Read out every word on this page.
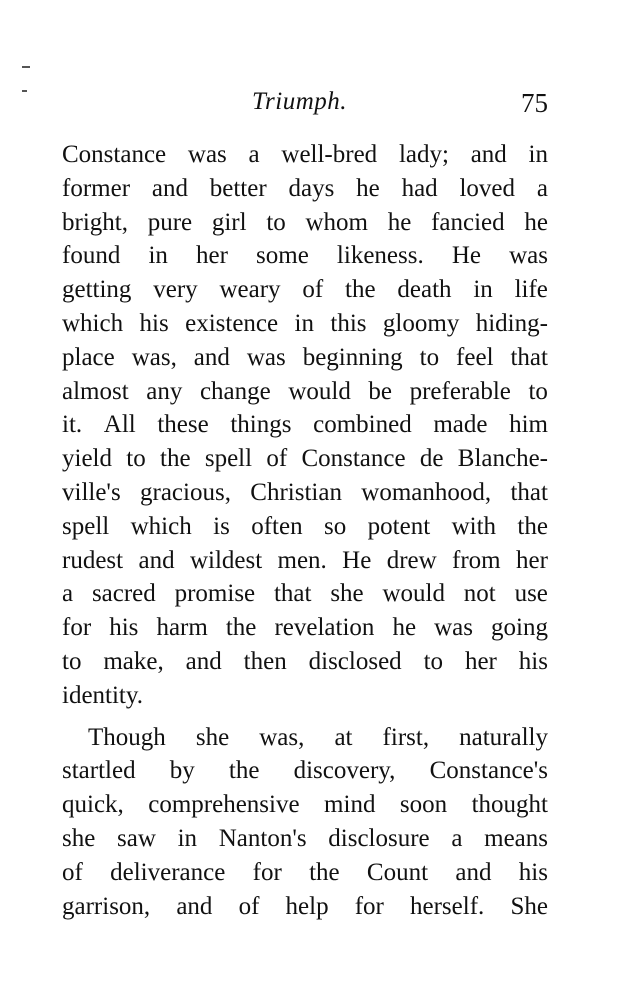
Triumph.	75
Constance was a well-bred lady; and in
former and better days he had loved a
bright, pure girl to whom he fancied he
found in her some likeness. He was
getting very weary of the death in life
which his existence in this gloomy hiding-
place was, and was beginning to feel that
almost any change would be preferable to
it. All these things combined made him
yield to the spell of Constance de Blanche-
ville's gracious, Christian womanhood, that
spell which is often so potent with the
rudest and wildest men. He drew from her
a sacred promise that she would not use
for his harm the revelation he was going
to make, and then disclosed to her his
identity.
Though she was, at first, naturally
startled by the discovery, Constance's
quick, comprehensive mind soon thought
she saw in Nanton's disclosure a means
of deliverance for the Count and his
garrison, and of help for herself. She
